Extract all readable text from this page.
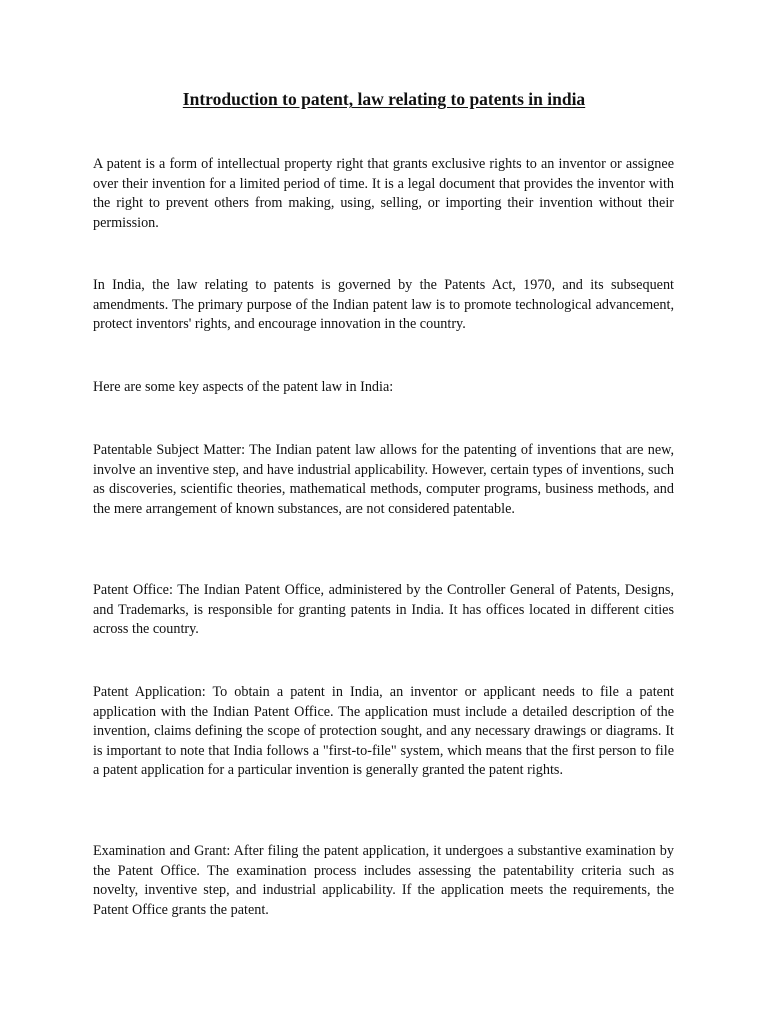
Introduction to patent, law relating to patents in india

A patent is a form of intellectual property right that grants exclusive rights to an inventor or assignee over their invention for a limited period of time. It is a legal document that provides the inventor with the right to prevent others from making, using, selling, or importing their invention without their permission.

In India, the law relating to patents is governed by the Patents Act, 1970, and its subsequent amendments. The primary purpose of the Indian patent law is to promote technological advancement, protect inventors' rights, and encourage innovation in the country.

Here are some key aspects of the patent law in India:

Patentable Subject Matter: The Indian patent law allows for the patenting of inventions that are new, involve an inventive step, and have industrial applicability. However, certain types of inventions, such as discoveries, scientific theories, mathematical methods, computer programs, business methods, and the mere arrangement of known substances, are not considered patentable.

Patent Office: The Indian Patent Office, administered by the Controller General of Patents, Designs, and Trademarks, is responsible for granting patents in India. It has offices located in different cities across the country.

Patent Application: To obtain a patent in India, an inventor or applicant needs to file a patent application with the Indian Patent Office. The application must include a detailed description of the invention, claims defining the scope of protection sought, and any necessary drawings or diagrams. It is important to note that India follows a "first-to-file" system, which means that the first person to file a patent application for a particular invention is generally granted the patent rights.

Examination and Grant: After filing the patent application, it undergoes a substantive examination by the Patent Office. The examination process includes assessing the patentability criteria such as novelty, inventive step, and industrial applicability. If the application meets the requirements, the Patent Office grants the patent.
